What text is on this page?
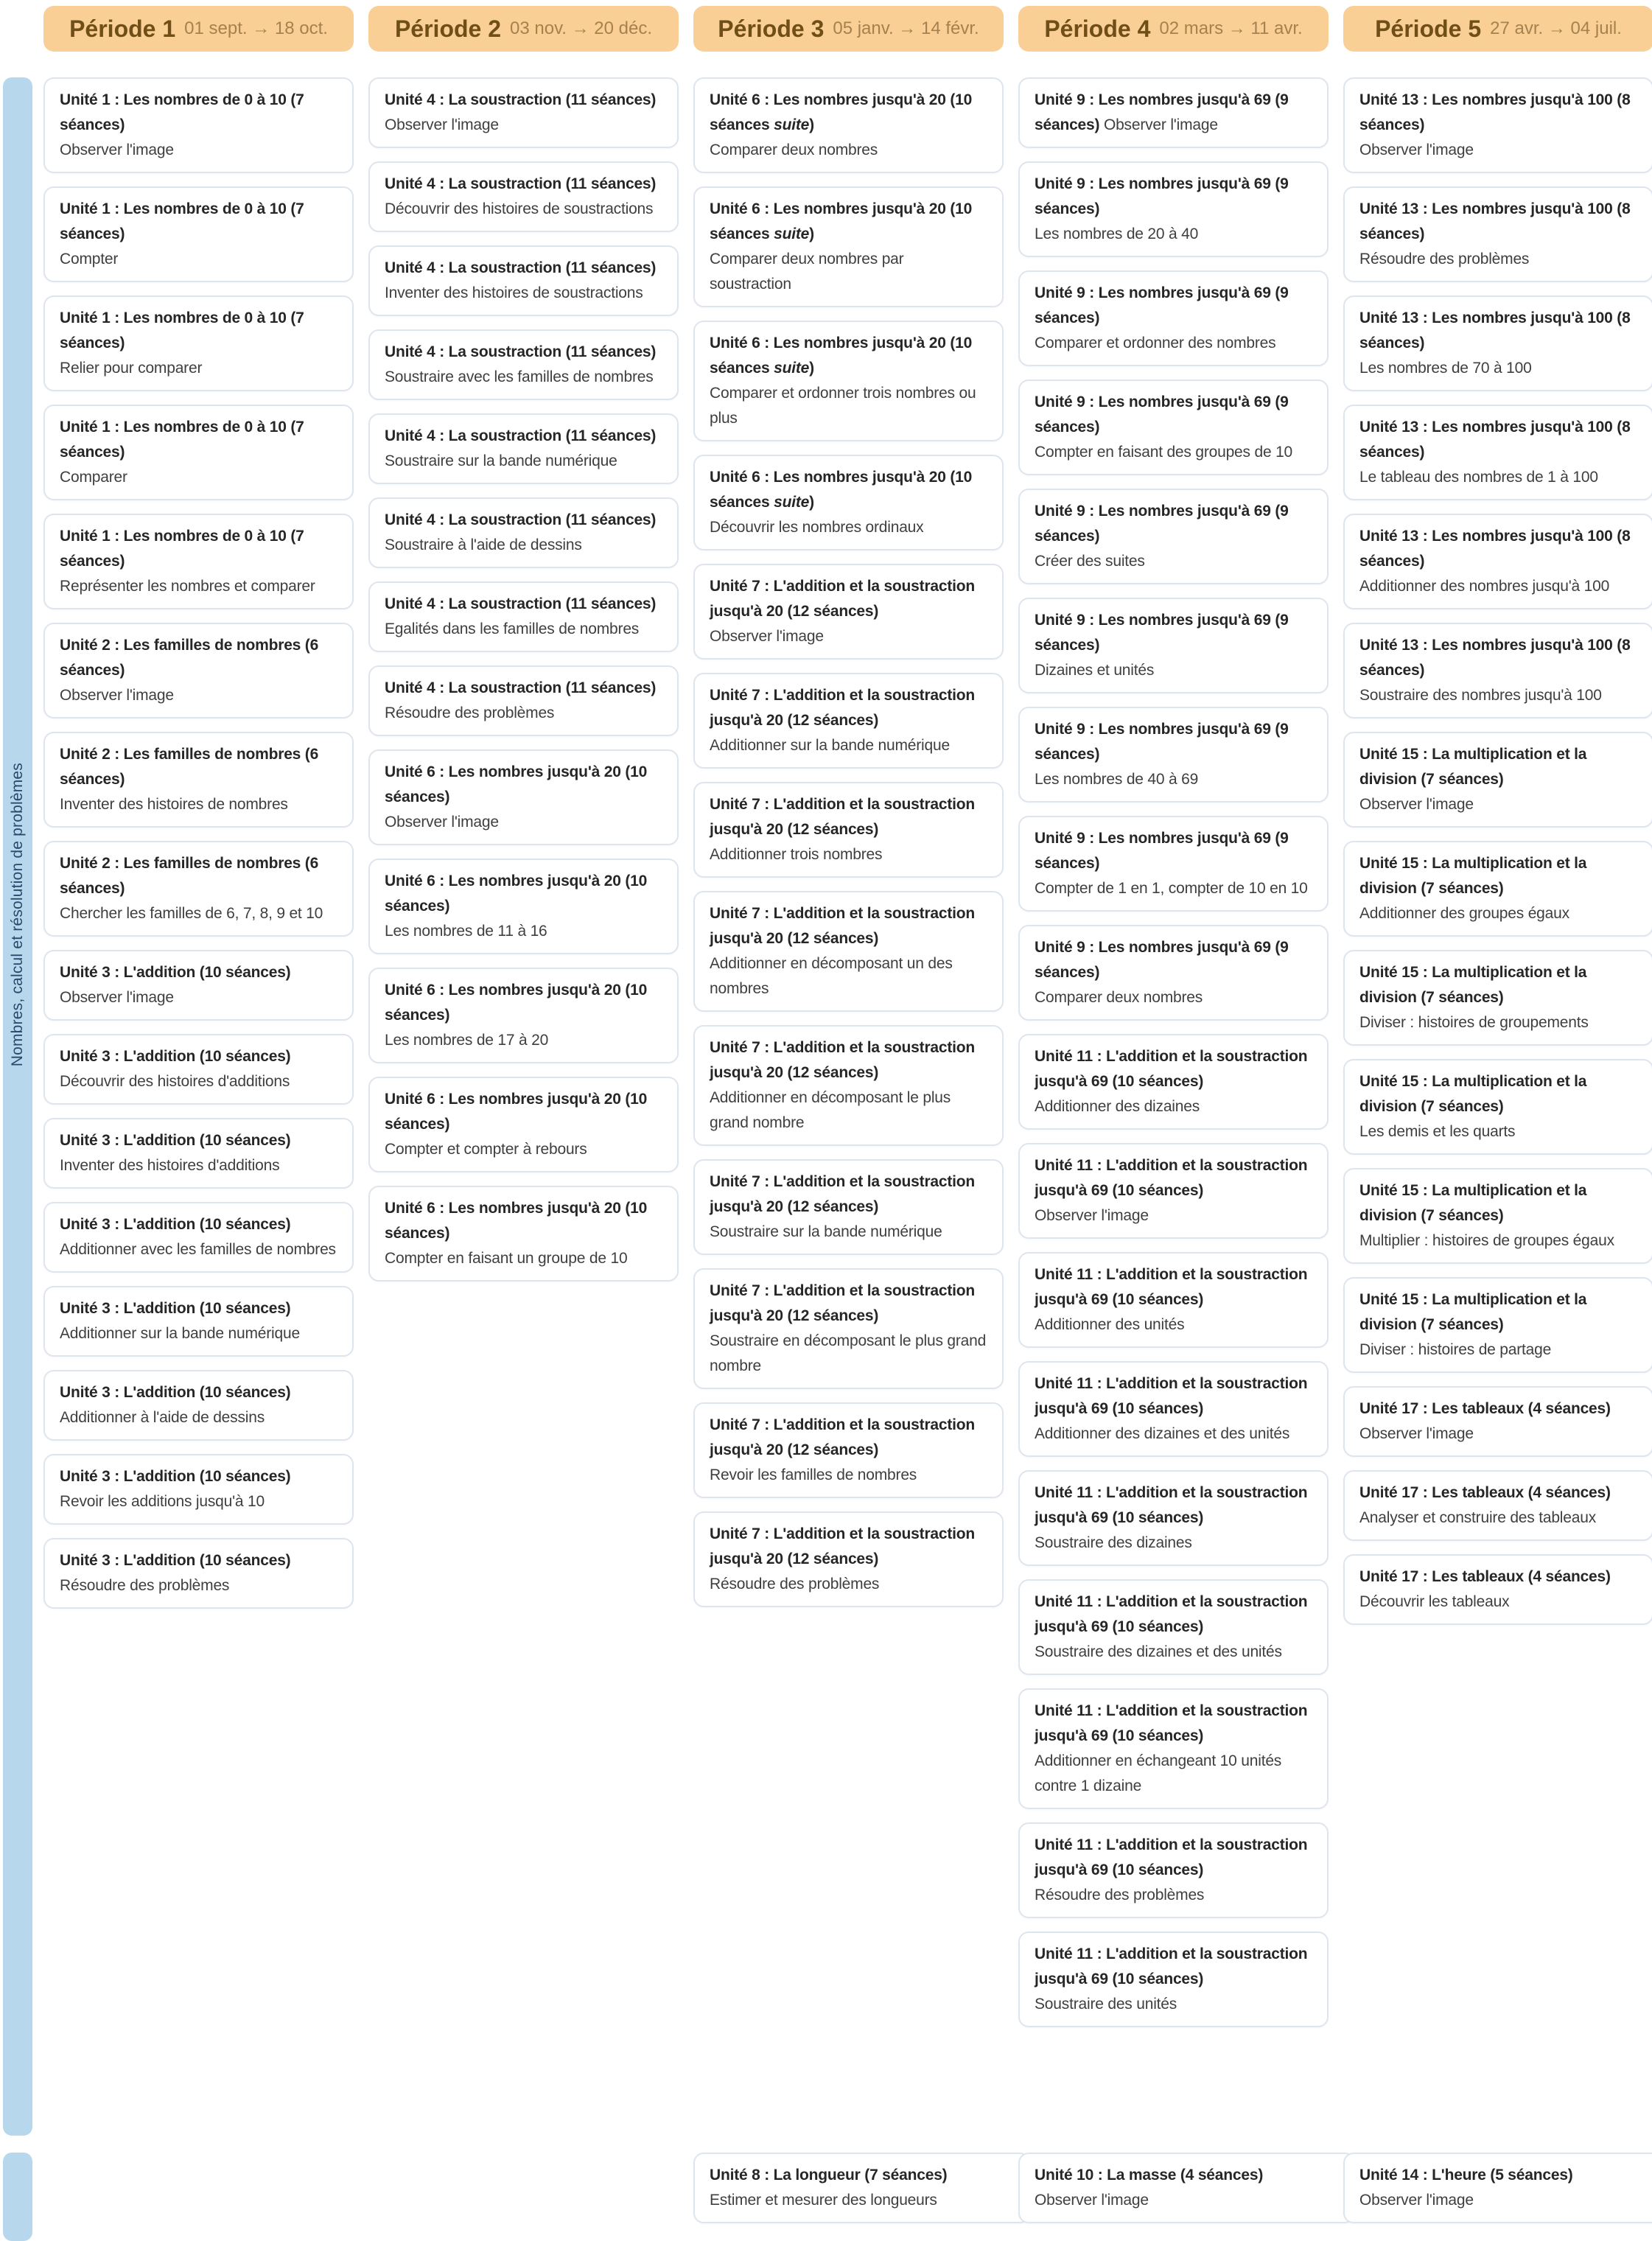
Nombres, calcul et résolution de problèmes
Période 1 01 sept. → 18 oct.
Unité 1 : Les nombres de 0 à 10 (7 séances)
Observer l'image
Unité 1 : Les nombres de 0 à 10 (7 séances)
Compter
Unité 1 : Les nombres de 0 à 10 (7 séances)
Relier pour comparer
Unité 1 : Les nombres de 0 à 10 (7 séances)
Comparer
Unité 1 : Les nombres de 0 à 10 (7 séances)
Représenter les nombres et comparer
Unité 2 : Les familles de nombres (6 séances)
Observer l'image
Unité 2 : Les familles de nombres (6 séances)
Inventer des histoires de nombres
Unité 2 : Les familles de nombres (6 séances)
Chercher les familles de 6, 7, 8, 9 et 10
Unité 3 : L'addition (10 séances)
Observer l'image
Unité 3 : L'addition (10 séances)
Découvrir des histoires d'additions
Unité 3 : L'addition (10 séances)
Inventer des histoires d'additions
Unité 3 : L'addition (10 séances)
Additionner avec les familles de nombres
Unité 3 : L'addition (10 séances)
Additionner sur la bande numérique
Unité 3 : L'addition (10 séances)
Additionner à l'aide de dessins
Unité 3 : L'addition (10 séances)
Revoir les additions jusqu'à 10
Unité 3 : L'addition (10 séances)
Résoudre des problèmes
Période 2 03 nov. → 20 déc.
Unité 4 : La soustraction (11 séances)
Observer l'image
Unité 4 : La soustraction (11 séances)
Découvrir des histoires de soustractions
Unité 4 : La soustraction (11 séances)
Inventer des histoires de soustractions
Unité 4 : La soustraction (11 séances)
Soustraire avec les familles de nombres
Unité 4 : La soustraction (11 séances)
Soustraire sur la bande numérique
Unité 4 : La soustraction (11 séances)
Soustraire à l'aide de dessins
Unité 4 : La soustraction (11 séances)
Egalités dans les familles de nombres
Unité 4 : La soustraction (11 séances)
Résoudre des problèmes
Unité 6 : Les nombres jusqu'à 20 (10 séances)
Observer l'image
Unité 6 : Les nombres jusqu'à 20 (10 séances)
Les nombres de 11 à 16
Unité 6 : Les nombres jusqu'à 20 (10 séances)
Les nombres de 17 à 20
Unité 6 : Les nombres jusqu'à 20 (10 séances)
Compter et compter à rebours
Unité 6 : Les nombres jusqu'à 20 (10 séances)
Compter en faisant un groupe de 10
Période 3 05 janv. → 14 févr.
Unité 6 : Les nombres jusqu'à 20 (10 séances suite)
Comparer deux nombres
Unité 6 : Les nombres jusqu'à 20 (10 séances suite)
Comparer deux nombres par soustraction
Unité 6 : Les nombres jusqu'à 20 (10 séances suite)
Comparer et ordonner trois nombres ou plus
Unité 6 : Les nombres jusqu'à 20 (10 séances suite)
Découvrir les nombres ordinaux
Unité 7 : L'addition et la soustraction jusqu'à 20 (12 séances)
Observer l'image
Unité 7 : L'addition et la soustraction jusqu'à 20 (12 séances)
Additionner sur la bande numérique
Unité 7 : L'addition et la soustraction jusqu'à 20 (12 séances)
Additionner trois nombres
Unité 7 : L'addition et la soustraction jusqu'à 20 (12 séances)
Additionner en décomposant un des nombres
Unité 7 : L'addition et la soustraction jusqu'à 20 (12 séances)
Additionner en décomposant le plus grand nombre
Unité 7 : L'addition et la soustraction jusqu'à 20 (12 séances)
Soustraire sur la bande numérique
Unité 7 : L'addition et la soustraction jusqu'à 20 (12 séances)
Soustraire en décomposant le plus grand nombre
Unité 7 : L'addition et la soustraction jusqu'à 20 (12 séances)
Revoir les familles de nombres
Unité 7 : L'addition et la soustraction jusqu'à 20 (12 séances)
Résoudre des problèmes
Période 4 02 mars → 11 avr.
Unité 9 : Les nombres jusqu'à 69 (9 séances) Observer l'image
Unité 9 : Les nombres jusqu'à 69 (9 séances)
Les nombres de 20 à 40
Unité 9 : Les nombres jusqu'à 69 (9 séances)
Comparer et ordonner des nombres
Unité 9 : Les nombres jusqu'à 69 (9 séances)
Compter en faisant des groupes de 10
Unité 9 : Les nombres jusqu'à 69 (9 séances)
Créer des suites
Unité 9 : Les nombres jusqu'à 69 (9 séances)
Dizaines et unités
Unité 9 : Les nombres jusqu'à 69 (9 séances)
Les nombres de 40 à 69
Unité 9 : Les nombres jusqu'à 69 (9 séances)
Compter de 1 en 1, compter de 10 en 10
Unité 9 : Les nombres jusqu'à 69 (9 séances)
Comparer deux nombres
Unité 11 : L'addition et la soustraction jusqu'à 69 (10 séances)
Additionner des dizaines
Unité 11 : L'addition et la soustraction jusqu'à 69 (10 séances)
Observer l'image
Unité 11 : L'addition et la soustraction jusqu'à 69 (10 séances)
Additionner des unités
Unité 11 : L'addition et la soustraction jusqu'à 69 (10 séances)
Additionner des dizaines et des unités
Unité 11 : L'addition et la soustraction jusqu'à 69 (10 séances)
Soustraire des dizaines
Unité 11 : L'addition et la soustraction jusqu'à 69 (10 séances)
Soustraire des dizaines et des unités
Unité 11 : L'addition et la soustraction jusqu'à 69 (10 séances)
Additionner en échangeant 10 unités contre 1 dizaine
Unité 11 : L'addition et la soustraction jusqu'à 69 (10 séances)
Résoudre des problèmes
Unité 11 : L'addition et la soustraction jusqu'à 69 (10 séances)
Soustraire des unités
Période 5 27 avr. → 04 juil.
Unité 13 : Les nombres jusqu'à 100 (8 séances)
Observer l'image
Unité 13 : Les nombres jusqu'à 100 (8 séances)
Résoudre des problèmes
Unité 13 : Les nombres jusqu'à 100 (8 séances)
Les nombres de 70 à 100
Unité 13 : Les nombres jusqu'à 100 (8 séances)
Le tableau des nombres de 1 à 100
Unité 13 : Les nombres jusqu'à 100 (8 séances)
Additionner des nombres jusqu'à 100
Unité 13 : Les nombres jusqu'à 100 (8 séances)
Soustraire des nombres jusqu'à 100
Unité 15 : La multiplication et la division (7 séances)
Observer l'image
Unité 15 : La multiplication et la division (7 séances)
Additionner des groupes égaux
Unité 15 : La multiplication et la division (7 séances)
Diviser : histoires de groupements
Unité 15 : La multiplication et la division (7 séances)
Les demis et les quarts
Unité 15 : La multiplication et la division (7 séances)
Multiplier : histoires de groupes égaux
Unité 15 : La multiplication et la division (7 séances)
Diviser : histoires de partage
Unité 17 : Les tableaux (4 séances)
Observer l'image
Unité 17 : Les tableaux (4 séances)
Analyser et construire des tableaux
Unité 17 : Les tableaux (4 séances)
Découvrir les tableaux
Unité 8 : La longueur (7 séances)
Estimer et mesurer des longueurs
Unité 10 : La masse (4 séances)
Observer l'image
Unité 14 : L'heure (5 séances)
Observer l'image
